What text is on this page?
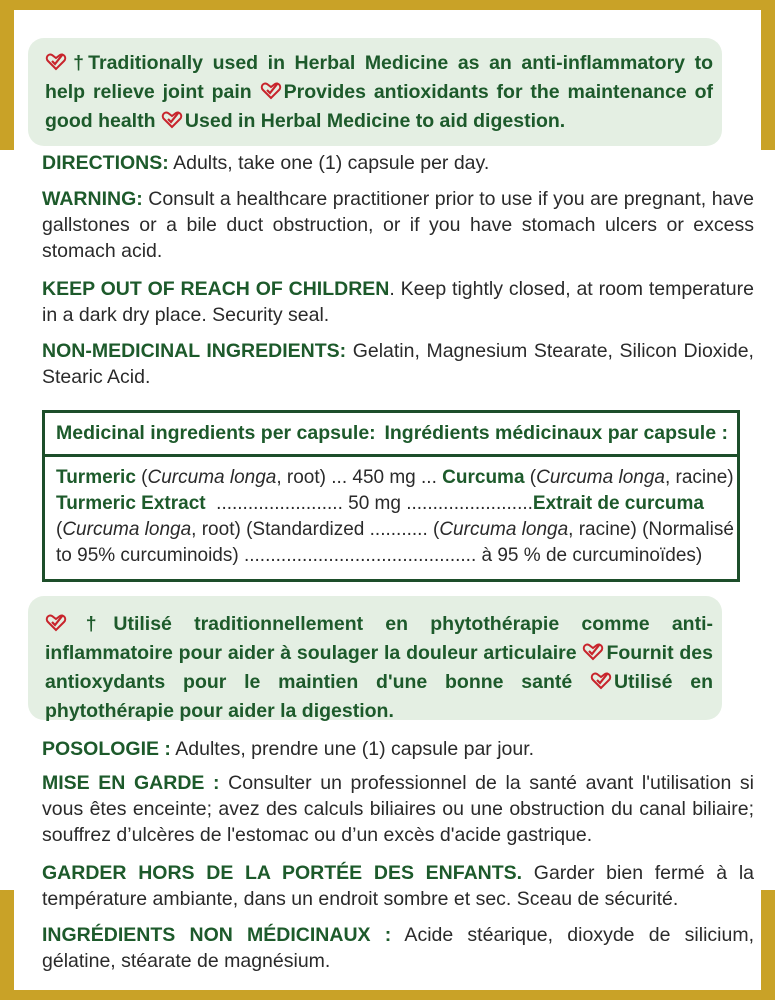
†Traditionally used in Herbal Medicine as an anti-inflammatory to help relieve joint pain Provides antioxidants for the maintenance of good health Used in Herbal Medicine to aid digestion.
DIRECTIONS: Adults, take one (1) capsule per day.
WARNING: Consult a healthcare practitioner prior to use if you are pregnant, have gallstones or a bile duct obstruction, or if you have stomach ulcers or excess stomach acid.
KEEP OUT OF REACH OF CHILDREN. Keep tightly closed, at room temperature in a dark dry place. Security seal.
NON-MEDICINAL INGREDIENTS: Gelatin, Magnesium Stearate, Silicon Dioxide, Stearic Acid.
Medicinal ingredients per capsule: Ingrédients médicinaux par capsule :
Turmeric (Curcuma longa, root) ... 450 mg ... Curcuma (Curcuma longa, racine)
Turmeric Extract  ........................ 50 mg ........................Extrait de curcuma
(Curcuma longa, root) (Standardized ........... (Curcuma longa, racine) (Normalisé
to 95% curcuminoids) ............................................ à 95 % de curcuminoïdes)
†Utilisé traditionnellement en phytothérapie comme anti-inflammatoire pour aider à soulager la douleur articulaire Fournit des antioxydants pour le maintien d'une bonne santé Utilisé en phytothérapie pour aider la digestion.
POSOLOGIE : Adultes, prendre une (1) capsule par jour.
MISE EN GARDE : Consulter un professionnel de la santé avant l'utilisation si vous êtes enceinte; avez des calculs biliaires ou une obstruction du canal biliaire; souffrez d’ulcères de l'estomac ou d’un excès d'acide gastrique.
GARDER HORS DE LA PORTÉE DES ENFANTS. Garder bien fermé à la température ambiante, dans un endroit sombre et sec. Sceau de sécurité.
INGRÉDIENTS NON MÉDICINAUX : Acide stéarique, dioxyde de silicium, gélatine, stéarate de magnésium.
